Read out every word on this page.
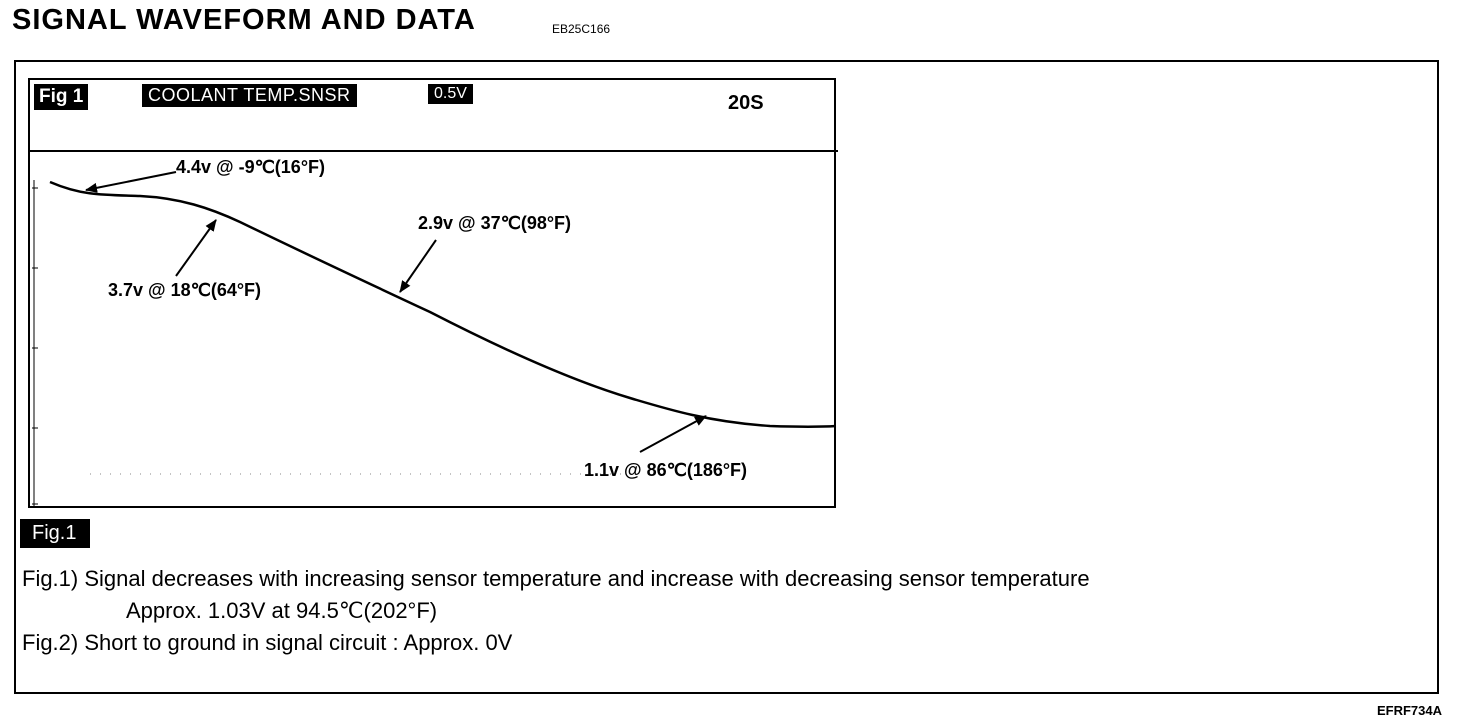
SIGNAL WAVEFORM AND DATA	EB25C166
Fig 1	COOLANT TEMP.SNSR	0.5V	20S
4.4v @ -9℃(16°F)
3.7v @ 18℃(64°F)
2.9v @ 37℃(98°F)
1.1v @ 86℃(186°F)
Fig.1
Fig.1) Signal decreases with increasing sensor temperature and increase with decreasing sensor temperature
Approx. 1.03V at 94.5℃(202°F)
Fig.2) Short to ground in signal circuit : Approx. 0V
EFRF734A
